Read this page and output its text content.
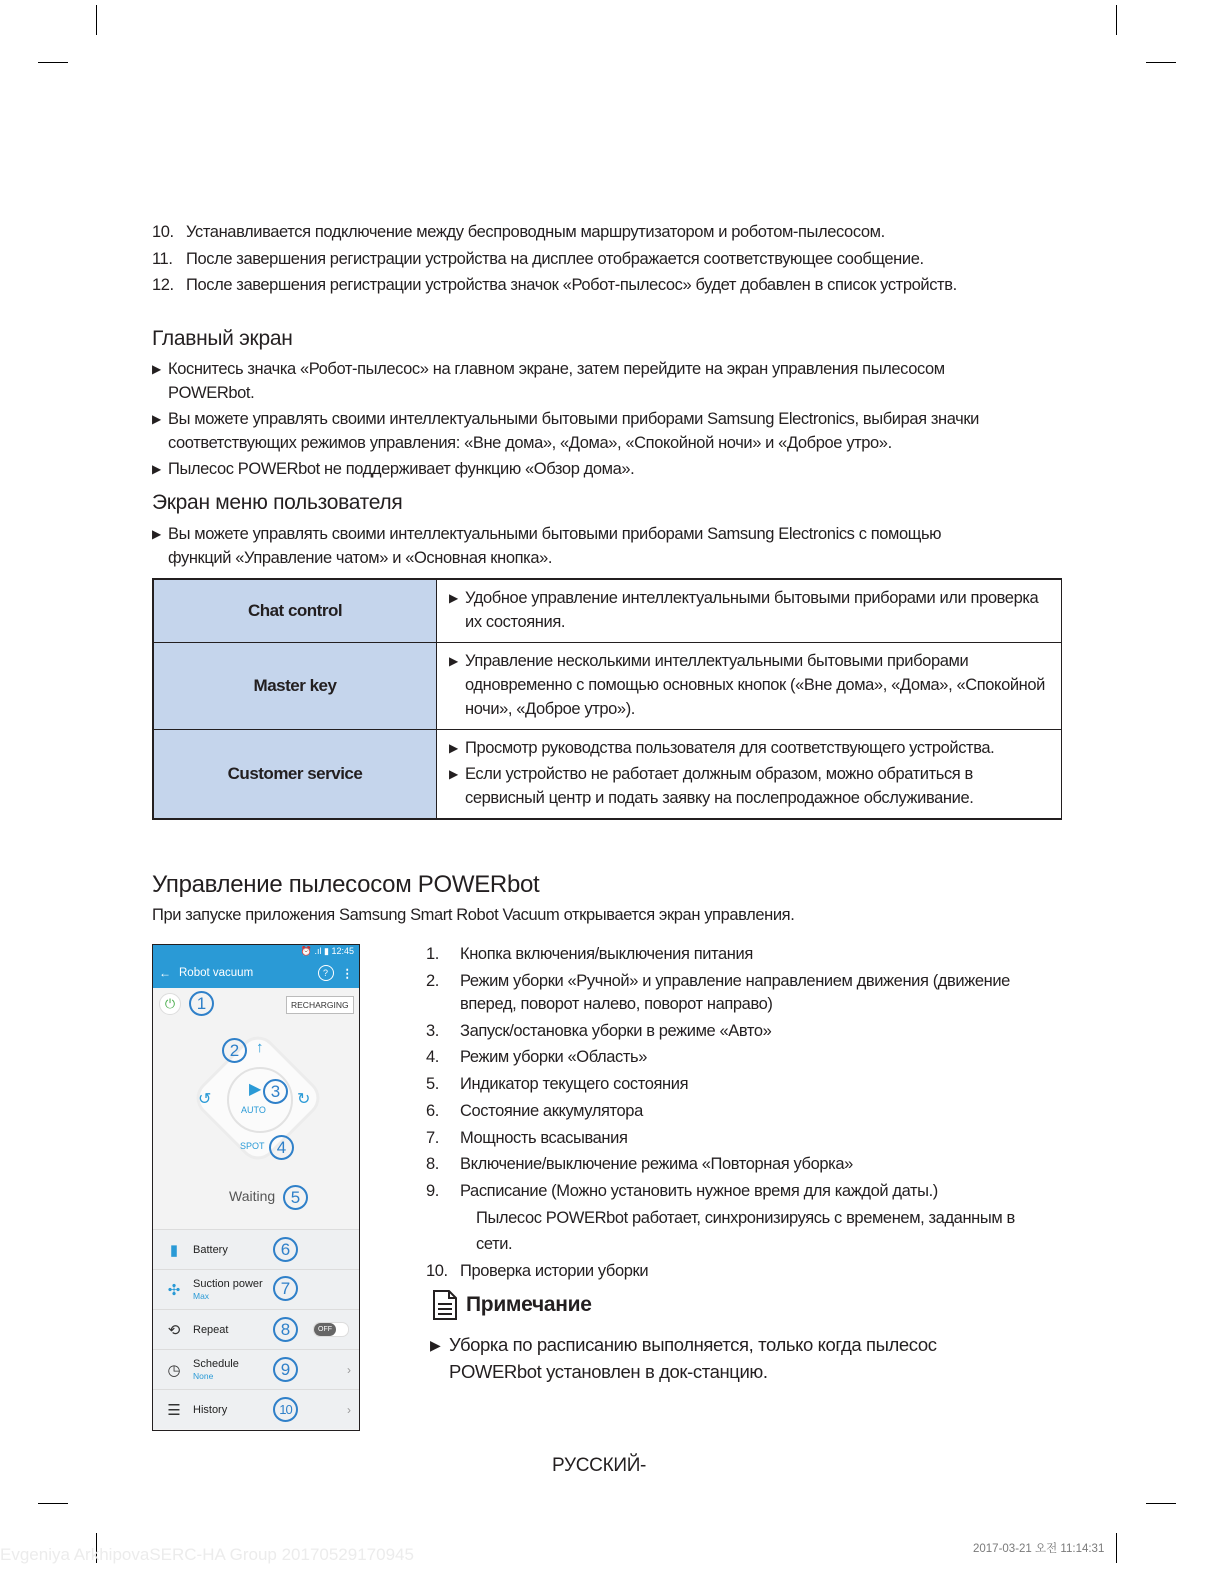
10. Устанавливается подключение между беспроводным маршрутизатором и роботом-пылесосом.
11. После завершения регистрации устройства на дисплее отображается соответствующее сообщение.
12. После завершения регистрации устройства значок «Робот-пылесос» будет добавлен в список устройств.
Главный экран
▶ Коснитесь значка «Робот-пылесос» на главном экране, затем перейдите на экран управления пылесосом POWERbot.
▶ Вы можете управлять своими интеллектуальными бытовыми приборами Samsung Electronics, выбирая значки соответствующих режимов управления: «Вне дома», «Дома», «Спокойной ночи» и «Доброе утро».
▶ Пылесос POWERbot не поддерживает функцию «Обзор дома».
Экран меню пользователя
▶ Вы можете управлять своими интеллектуальными бытовыми приборами Samsung Electronics с помощью функций «Управление чатом» и «Основная кнопка».
Chat control	▶ Удобное управление интеллектуальными бытовыми приборами или проверка их состояния.

Master key	▶ Управление несколькими интеллектуальными бытовыми приборами одновременно с помощью основных кнопок («Вне дома», «Дома», «Спокойной ночи», «Доброе утро»).

Customer service	▶ Просмотр руководства пользователя для соответствующего устройства.
▶ Если устройство не работает должным образом, можно обратиться в сервисный центр и подать заявку на послепродажное обслуживание.
Управление пылесосом POWERbot
При запуске приложения Samsung Smart Robot Vacuum открывается экран управления.
⏰ .ıl ▮ 12:45
← Robot vacuum	?	⋮
⏻	1	RECHARGING
↑
2
↺	↻
▶
AUTO
3
SPOT 4
Waiting 5
▮	Battery	6
✣	Suction power
Max	7
⟲	Repeat	8	OFF
◷	Schedule
None	9	›
☰	History	10	›
1.	Кнопка включения/выключения питания
2.	Режим уборки «Ручной» и управление направлением движения (движение вперед, поворот налево, поворот направо)
3.	Запуск/остановка уборки в режиме «Авто»
4.	Режим уборки «Область»
5.	Индикатор текущего состояния
6.	Состояние аккумулятора
7.	Мощность всасывания
8.	Включение/выключение режима «Повторная уборка»
9.	Расписание (Можно установить нужное время для каждой даты.)
Пылесос POWERbot работает, синхронизируясь с временем, заданным в сети.
10. Проверка истории уборки
Примечание
▶ Уборка по расписанию выполняется, только когда пылесос POWERbot установлен в док-станцию.
РУССКИЙ-
Evgeniya ArkhipovaSERC-HA Group 20170529170945	2017-03-21 오전 11:14:31
